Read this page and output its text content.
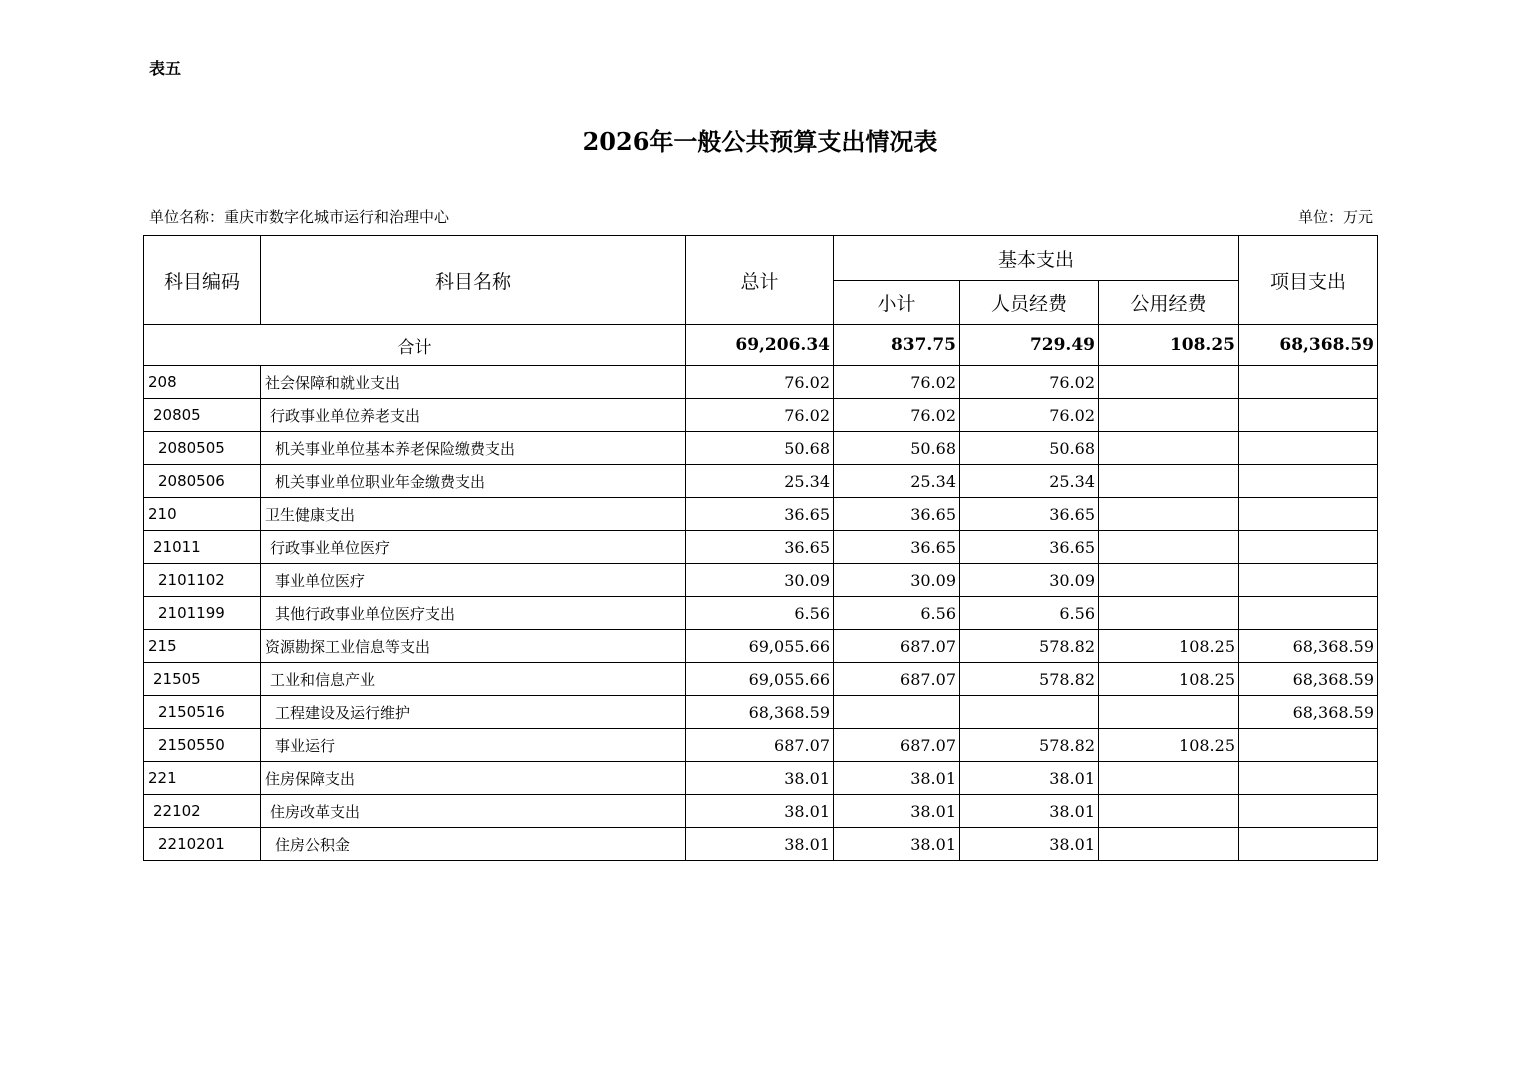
表五
2026年一般公共预算支出情况表
单位名称：重庆市数字化城市运行和治理中心	单位：万元
科目编码	科目名称	总计	基本支出			项目支出
			小计	人员经费	公用经费	
合计		69,206.34	837.75	729.49	108.25	68,368.59
208	社会保障和就业支出	76.02	76.02	76.02		
20805	行政事业单位养老支出	76.02	76.02	76.02		
2080505	机关事业单位基本养老保险缴费支出	50.68	50.68	50.68		
2080506	机关事业单位职业年金缴费支出	25.34	25.34	25.34		
210	卫生健康支出	36.65	36.65	36.65		
21011	行政事业单位医疗	36.65	36.65	36.65		
2101102	事业单位医疗	30.09	30.09	30.09		
2101199	其他行政事业单位医疗支出	6.56	6.56	6.56		
215	资源勘探工业信息等支出	69,055.66	687.07	578.82	108.25	68,368.59
21505	工业和信息产业	69,055.66	687.07	578.82	108.25	68,368.59
2150516	工程建设及运行维护	68,368.59				68,368.59
2150550	事业运行	687.07	687.07	578.82	108.25	
221	住房保障支出	38.01	38.01	38.01		
22102	住房改革支出	38.01	38.01	38.01		
2210201	住房公积金	38.01	38.01	38.01		
